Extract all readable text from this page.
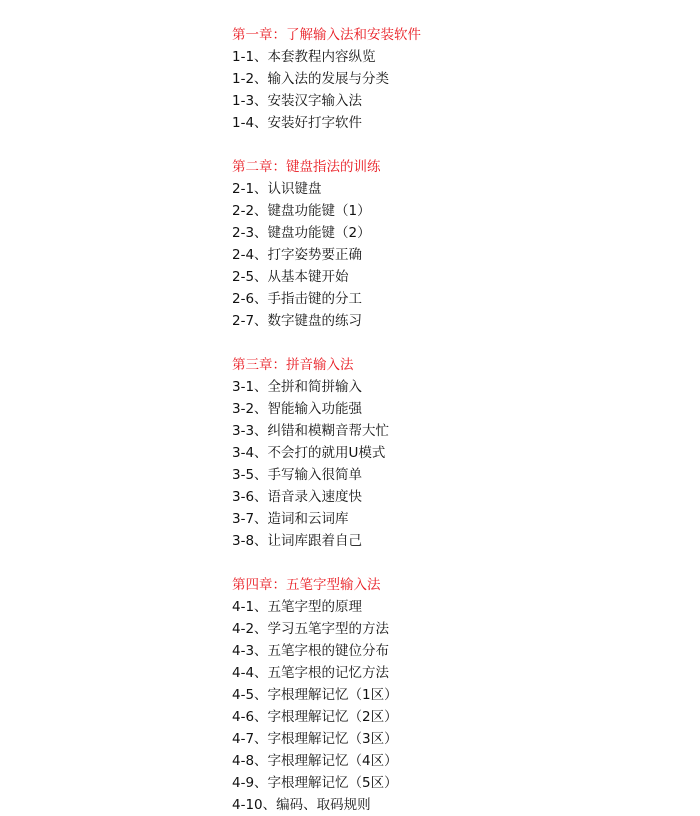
第一章：了解输入法和安装软件
1-1、本套教程内容纵览
1-2、输入法的发展与分类
1-3、安装汉字输入法
1-4、安装好打字软件
第二章：键盘指法的训练
2-1、认识键盘
2-2、键盘功能键（1）
2-3、键盘功能键（2）
2-4、打字姿势要正确
2-5、从基本键开始
2-6、手指击键的分工
2-7、数字键盘的练习
第三章：拼音输入法
3-1、全拼和简拼输入
3-2、智能输入功能强
3-3、纠错和模糊音帮大忙
3-4、不会打的就用U模式
3-5、手写输入很简单
3-6、语音录入速度快
3-7、造词和云词库
3-8、让词库跟着自己
第四章：五笔字型输入法
4-1、五笔字型的原理
4-2、学习五笔字型的方法
4-3、五笔字根的键位分布
4-4、五笔字根的记忆方法
4-5、字根理解记忆（1区）
4-6、字根理解记忆（2区）
4-7、字根理解记忆（3区）
4-8、字根理解记忆（4区）
4-9、字根理解记忆（5区）
4-10、编码、取码规则
